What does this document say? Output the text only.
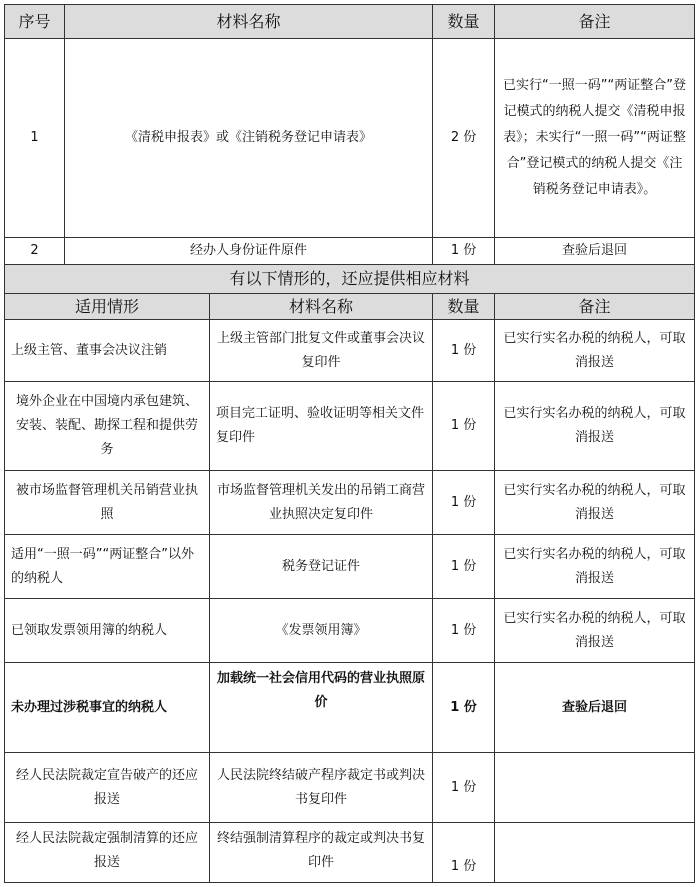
序号	材料名称		数量	备注
1	《清税申报表》或《注销税务登记申请表》		2 份	已实行“一照一码”“两证整合”登记模式的纳税人提交《清税申报表》；未实行“一照一码”“两证整合”登记模式的纳税人提交《注销税务登记申请表》。
2	经办人身份证件原件		1 份	查验后退回
有以下情形的，还应提供相应材料				
适用情形		材料名称	数量	备注
上级主管、董事会决议注销		上级主管部门批复文件或董事会决议复印件	1 份	已实行实名办税的纳税人，可取消报送
境外企业在中国境内承包建筑、安装、装配、勘探工程和提供劳务		项目完工证明、验收证明等相关文件复印件	1 份	已实行实名办税的纳税人，可取消报送
被市场监督管理机关吊销营业执照		市场监督管理机关发出的吊销工商营业执照决定复印件	1 份	已实行实名办税的纳税人，可取消报送
适用“一照一码”“两证整合”以外的纳税人		税务登记证件	1 份	已实行实名办税的纳税人，可取消报送
已领取发票领用簿的纳税人		《发票领用簿》	1 份	已实行实名办税的纳税人，可取消报送
未办理过涉税事宜的纳税人		加载统一社会信用代码的营业执照原价	1 份	查验后退回
经人民法院裁定宣告破产的还应报送		人民法院终结破产程序裁定书或判决书复印件	1 份	
经人民法院裁定强制清算的还应报送		终结强制清算程序的裁定或判决书复印件	1 份	
